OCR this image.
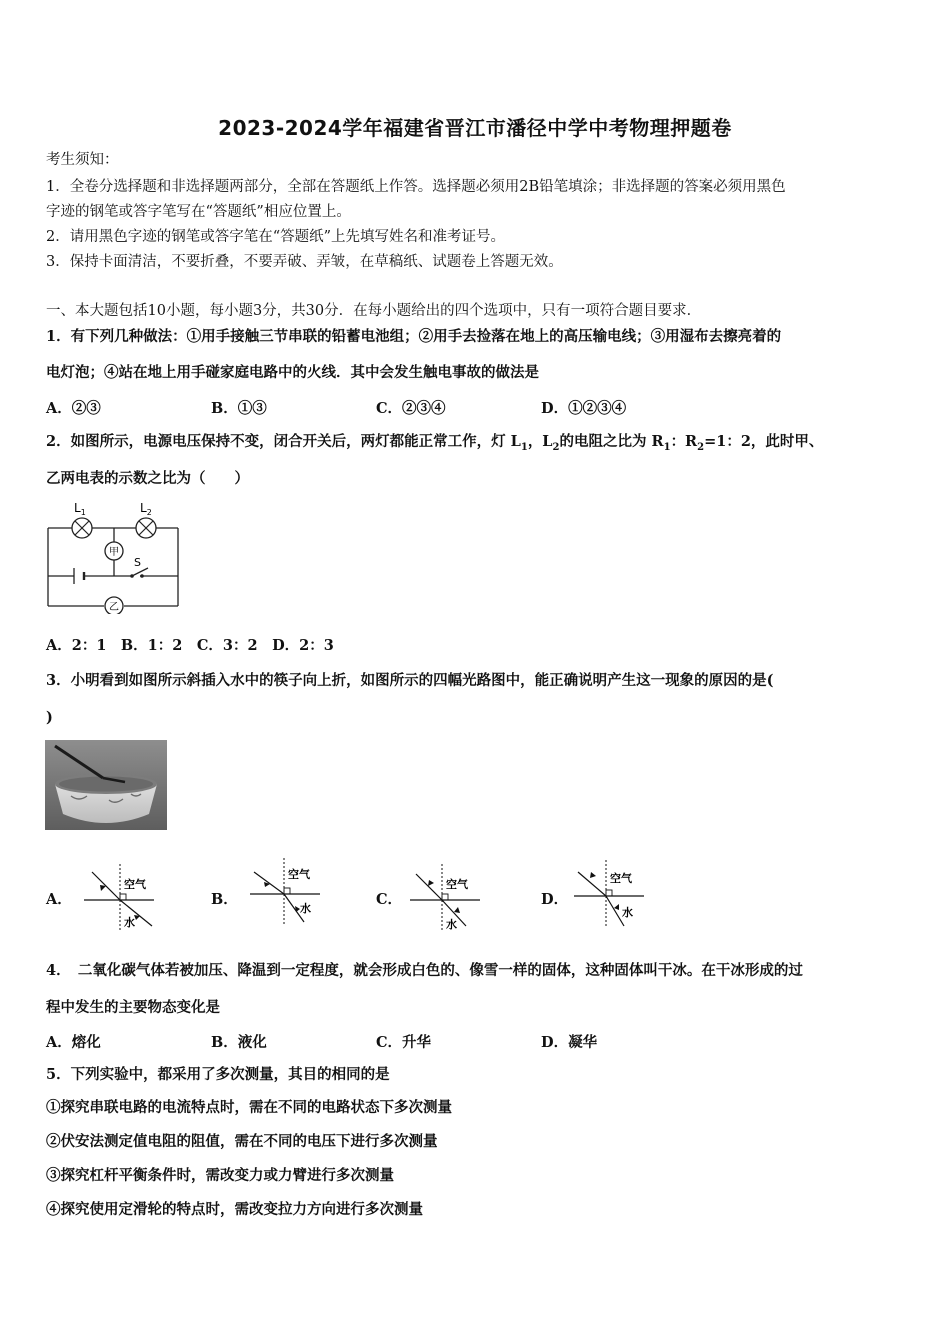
2023-2024学年福建省晋江市潘径中学中考物理押题卷
考生须知：
1．全卷分选择题和非选择题两部分，全部在答题纸上作答。选择题必须用2B铅笔填涂；非选择题的答案必须用黑色
字迹的钢笔或答字笔写在“答题纸”相应位置上。
2．请用黑色字迹的钢笔或答字笔在“答题纸”上先填写姓名和准考证号。
3．保持卡面清洁，不要折叠，不要弄破、弄皱，在草稿纸、试题卷上答题无效。
一、本大题包括10小题，每小题3分，共30分．在每小题给出的四个选项中，只有一项符合题目要求．
1．有下列几种做法：①用手接触三节串联的铅蓄电池组；②用手去捡落在地上的高压输电线；③用湿布去擦亮着的
电灯泡；④站在地上用手碰家庭电路中的火线．其中会发生触电事故的做法是
A．②③	B．①③	C．②③④	D．①②③④
2．如图所示，电源电压保持不变，闭合开关后，两灯都能正常工作，灯 $L_1$，$L_2$的电阻之比为 $R_1$：$R_2=1$：2，此时甲、
乙两电表的示数之比为（　　）
$L_1$	$L_2$
甲
S
乙
A．2：1　B．1：2　C．3：2　D．2：3
3．小明看到如图所示斜插入水中的筷子向上折，如图所示的四幅光路图中，能正确说明产生这一现象的原因的是(
)
A．
空气
水
B．
空气
水
C．
空气
水
D．
空气
水
4．　二氧化碳气体若被加压、降温到一定程度，就会形成白色的、像雪一样的固体，这种固体叫干冰。在干冰形成的过
程中发生的主要物态变化是
A．熔化	B．液化	C．升华	D．凝华
5．下列实验中，都采用了多次测量，其目的相同的是
①探究串联电路的电流特点时，需在不同的电路状态下多次测量
②伏安法测定值电阻的阻值，需在不同的电压下进行多次测量
③探究杠杆平衡条件时，需改变力或力臂进行多次测量
④探究使用定滑轮的特点时，需改变拉力方向进行多次测量
